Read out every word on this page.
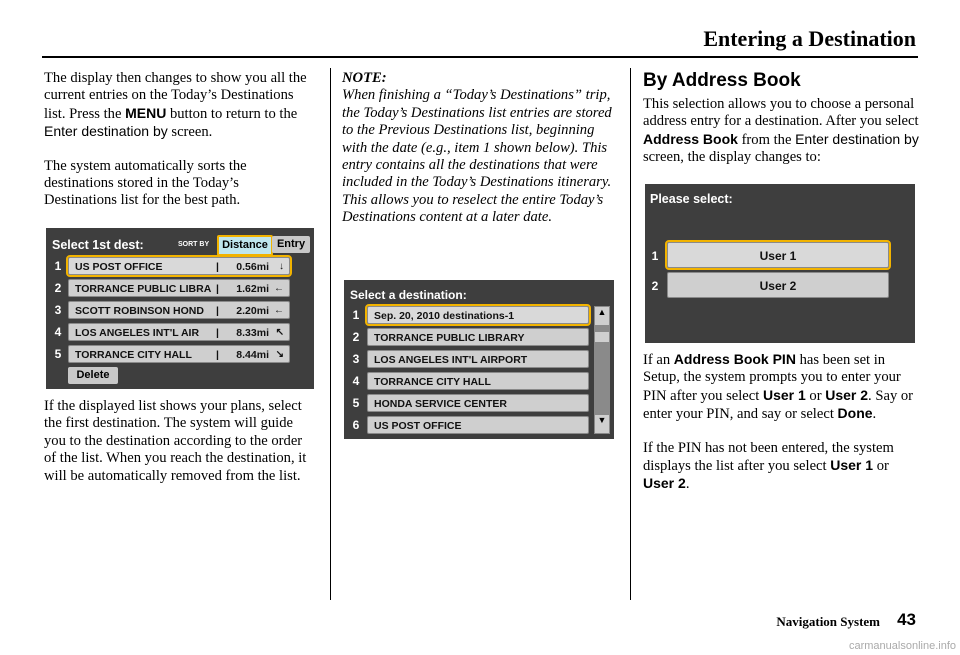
Entering a Destination

The display then changes to show you all the current entries on the Today’s Destinations list. Press the MENU button to return to the Enter destination by screen.

The system automatically sorts the destinations stored in the Today’s Destinations list for the best path.

Select 1st dest:	SORT BY	Distance Entry
1	US POST OFFICE	| 0.56mi ↓
2	TORRANCE PUBLIC LIBRA | 1.62mi ←
3	SCOTT ROBINSON HOND | 2.20mi ←
4	LOS ANGELES INT'L AIR | 8.33mi ↖
5	TORRANCE CITY HALL | 8.44mi ↘
Delete

If the displayed list shows your plans, select the first destination. The system will guide you to the destination according to the order of the list. When you reach the destination, it will be automatically removed from the list.

NOTE:
When finishing a “Today’s Destinations” trip, the Today’s Destinations list entries are stored to the Previous Destinations list, beginning with the date (e.g., item 1 shown below). This entry contains all the destinations that were included in the Today’s Destinations itinerary. This allows you to reselect the entire Today’s Destinations content at a later date.
Select a destination:
1	Sep. 20, 2010 destinations-1
2	TORRANCE PUBLIC LIBRARY
3	LOS ANGELES INT'L AIRPORT
4	TORRANCE CITY HALL
5	HONDA SERVICE CENTER
6	US POST OFFICE
▲
▼
By Address Book

This selection allows you to choose a personal address entry for a destination. After you select Address Book from the Enter destination by screen, the display changes to:

Please select:
1	User 1
2	User 2

If an Address Book PIN has been set in Setup, the system prompts you to enter your PIN after you select User 1 or User 2. Say or enter your PIN, and say or select Done.

If the PIN has not been entered, the system displays the list after you select User 1 or User 2.

Navigation System 43
carmanualsonline.info
